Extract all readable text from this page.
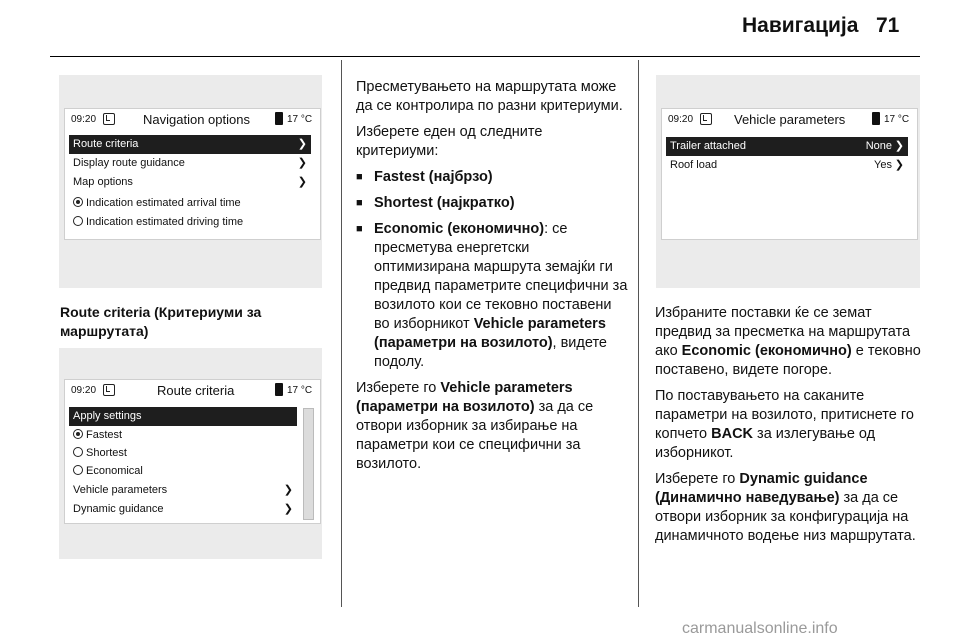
Навигација 71
09:20	Navigation options	17 °C
Route criteria	❯
Display route guidance	❯
Map options	❯
Indication estimated arrival time
Indication estimated driving time
Route criteria (Критериуми за маршрутата)
09:20	Route criteria	17 °C
Apply settings
Fastest
Shortest
Economical
Vehicle parameters	❯
Dynamic guidance	❯

Пресметувањето на маршрутата може да се контролира по разни критериуми.

Изберете еден од следните критериуми:

■ Fastest (најбрзо)

■ Shortest (најкратко)

■ Economic (економично): се пресметува енергетски оптимизирана маршрута земајќи ги предвид параметрите специфични за возилото кои се тековно поставени во изборникот Vehicle parameters (параметри на возилото), видете подолу.

Изберете го Vehicle parameters (параметри на возилото) за да се отвори изборник за избирање на параметри кои се специфични за возилото.

09:20	Vehicle parameters	17 °C
Trailer attached	None ❯
Roof load	Yes ❯

Избраните поставки ќе се земат предвид за пресметка на маршрутата ако Economic (економично) е тековно поставено, видете погоре.

По поставувањето на саканите параметри на возилото, притиснете го копчето BACK за излегување од изборникот.

Изберете го Dynamic guidance (Динамично наведување) за да се отвори изборник за конфигурација на динамичното водење низ маршрутата.

carmanualsonline.info
